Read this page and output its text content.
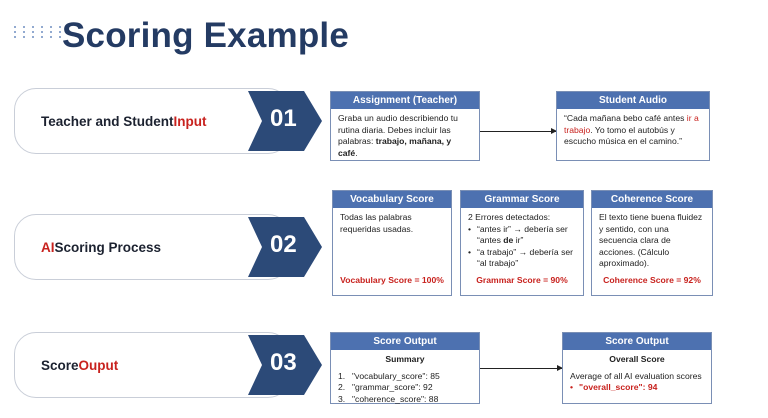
Scoring Example
Teacher and Student Input	01
Assignment (Teacher)
Graba un audio describiendo tu rutina diaria. Debes incluir las palabras: trabajo, mañana, y café.
Student Audio
“Cada mañana bebo café antes ir a trabajo. Yo tomo el autobús y escucho música en el camino.”
AI Scoring Process	02
Vocabulary Score
Todas las palabras requeridas usadas.
Vocabulary Score = 100%
Grammar Score
2 Errores detectados:
• “antes ir” → debería ser “antes de ir”
• “a trabajo” → debería ser “al trabajo”
Grammar Score = 90%
Coherence Score
El texto tiene buena fluidez y sentido, con una secuencia clara de acciones. (Cálculo aproximado).
Coherence Score = 92%
Score Ouput	03
Score Output
Summary
1. "vocabulary_score": 85
2. "grammar_score": 92
3. "coherence_score": 88
Score Output
Overall Score
Average of all AI evaluation scores
• "overall_score": 94
